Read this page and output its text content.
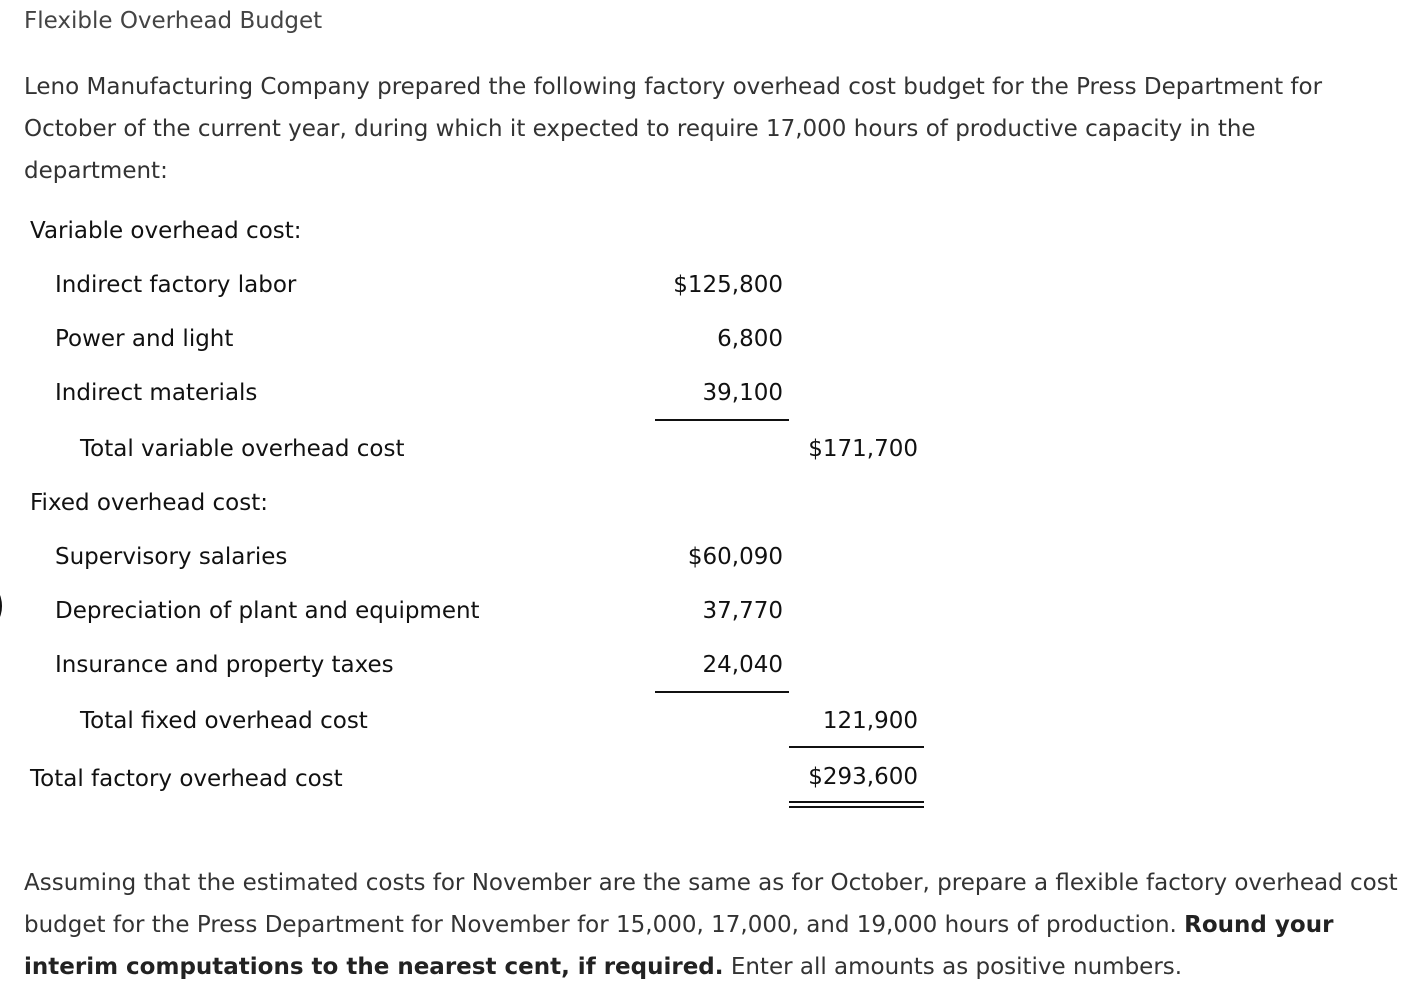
Flexible Overhead Budget

Leno Manufacturing Company prepared the following factory overhead cost budget for the Press Department for October of the current year, during which it expected to require 17,000 hours of productive capacity in the department:

Variable overhead cost:
Indirect factory labor	$125,800
Power and light	6,800
Indirect materials	39,100
Total variable overhead cost	$171,700
Fixed overhead cost:
Supervisory salaries	$60,090
Depreciation of plant and equipment	37,770
Insurance and property taxes	24,040
Total fixed overhead cost	121,900
Total factory overhead cost	$293,600

Assuming that the estimated costs for November are the same as for October, prepare a flexible factory overhead cost budget for the Press Department for November for 15,000, 17,000, and 19,000 hours of production. Round your interim computations to the nearest cent, if required. Enter all amounts as positive numbers.
